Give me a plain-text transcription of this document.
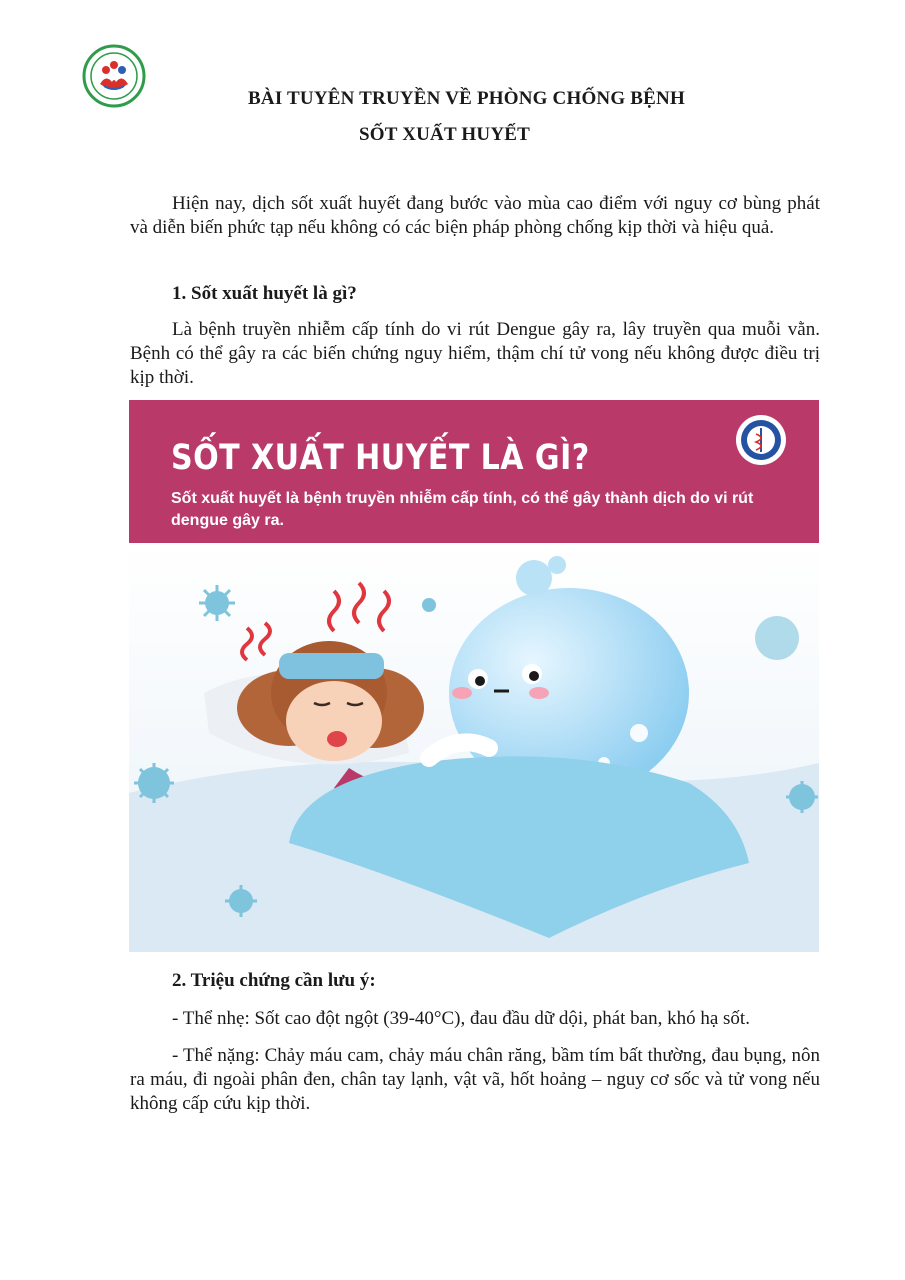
BÀI TUYÊN TRUYỀN VỀ PHÒNG CHỐNG BỆNH
SỐT XUẤT HUYẾT

Hiện nay, dịch sốt xuất huyết đang bước vào mùa cao điểm với nguy cơ bùng phát và diễn biến phức tạp nếu không có các biện pháp phòng chống kịp thời và hiệu quả.

1. Sốt xuất huyết là gì?

Là bệnh truyền nhiễm cấp tính do vi rút Dengue gây ra, lây truyền qua muỗi vằn. Bệnh có thể gây ra các biến chứng nguy hiểm, thậm chí tử vong nếu không được điều trị kịp thời.

SỐT XUẤT HUYẾT LÀ GÌ?
Sốt xuất huyết là bệnh truyền nhiễm cấp tính, có thể gây thành dịch do vi rút dengue gây ra.

2. Triệu chứng cần lưu ý:

- Thể nhẹ: Sốt cao đột ngột (39-40°C), đau đầu dữ dội, phát ban, khó hạ sốt.

- Thể nặng: Chảy máu cam, chảy máu chân răng, bầm tím bất thường, đau bụng, nôn ra máu, đi ngoài phân đen, chân tay lạnh, vật vã, hốt hoảng – nguy cơ sốc và tử vong nếu không cấp cứu kịp thời.
